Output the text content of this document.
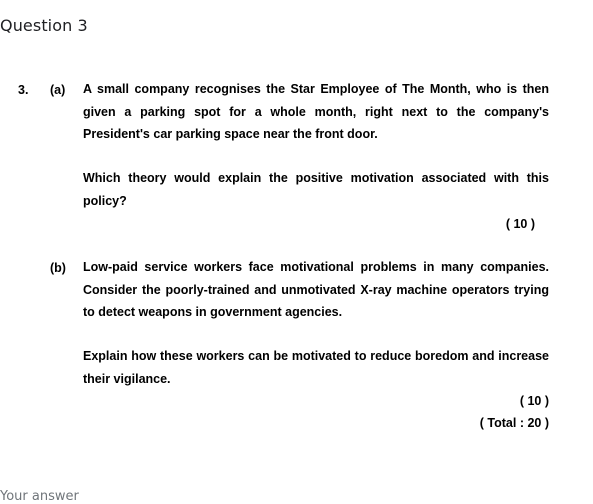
Question 3
3. (a) A small company recognises the Star Employee of The Month, who is then given a parking spot for a whole month, right next to the company's President's car parking space near the front door.

Which theory would explain the positive motivation associated with this policy?

( 10 )
(b) Low-paid service workers face motivational problems in many companies. Consider the poorly-trained and unmotivated X-ray machine operators trying to detect weapons in government agencies.

Explain how these workers can be motivated to reduce boredom and increase their vigilance.

( 10 )
( Total : 20 )
Your answer
